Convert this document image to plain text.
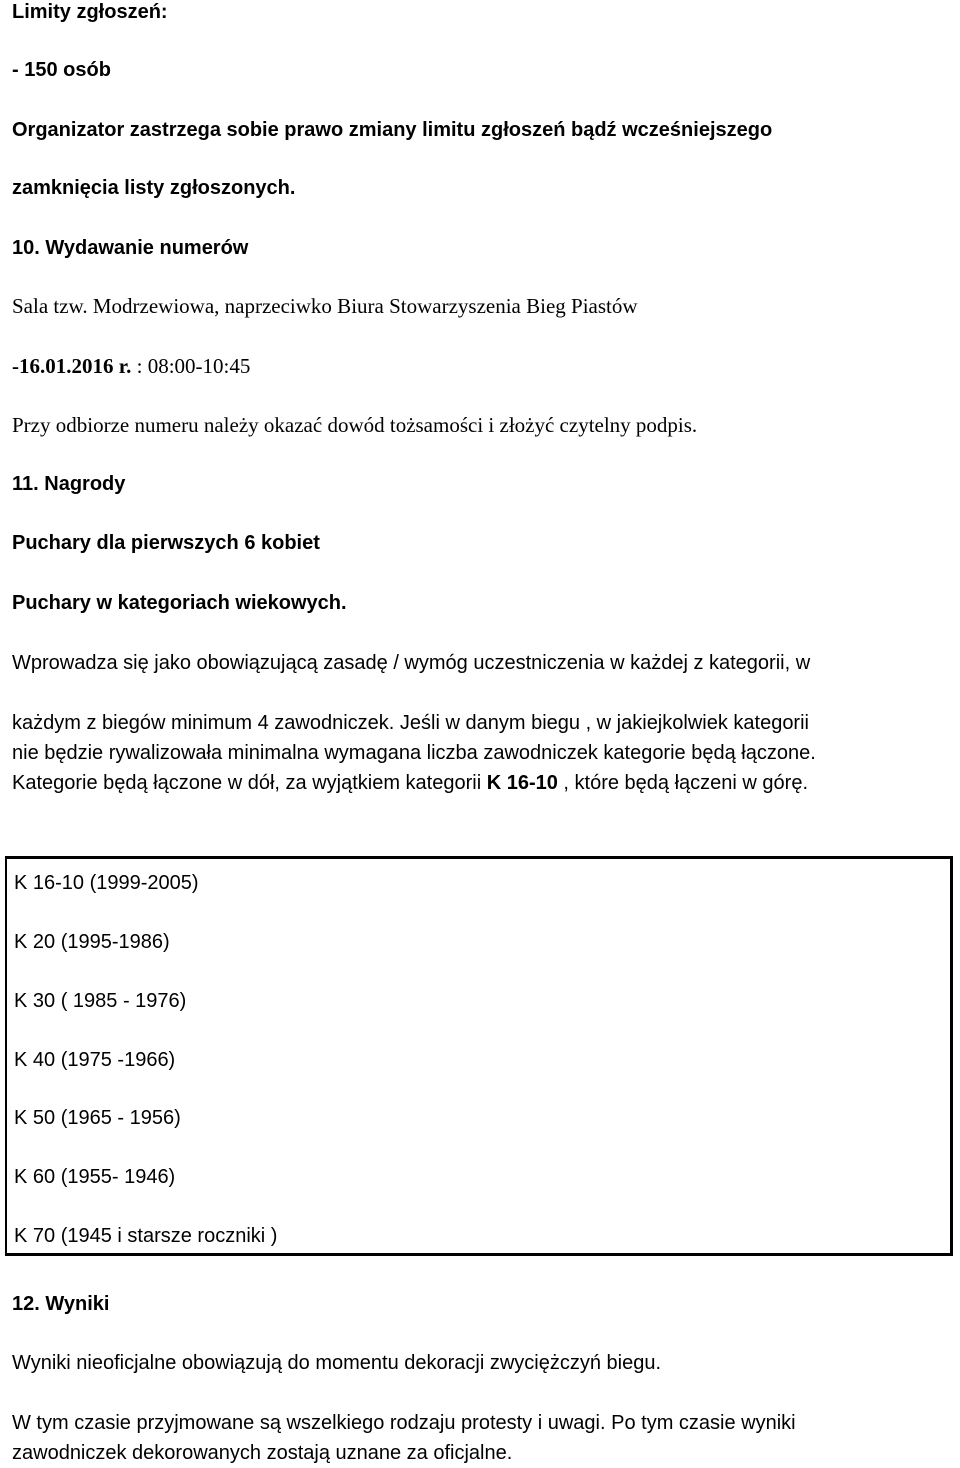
Limity zgłoszeń:

- 150 osób

Organizator zastrzega sobie prawo zmiany limitu zgłoszeń bądź wcześniejszego

zamknięcia listy zgłoszonych.

10. Wydawanie numerów

Sala tzw. Modrzewiowa, naprzeciwko Biura Stowarzyszenia Bieg Piastów

-16.01.2016 r. : 08:00-10:45

Przy odbiorze numeru należy okazać dowód tożsamości i złożyć czytelny podpis.

11. Nagrody

Puchary dla pierwszych 6 kobiet

Puchary w kategoriach wiekowych.

Wprowadza się jako obowiązującą zasadę / wymóg uczestniczenia w każdej z kategorii, w

każdym z biegów minimum 4 zawodniczek. Jeśli w danym biegu , w jakiejkolwiek kategorii

nie będzie rywalizowała minimalna wymagana liczba zawodniczek kategorie będą łączone.

Kategorie będą łączone w dół, za wyjątkiem kategorii K 16-10 , które będą łączeni w górę.

K 16-10 (1999-2005)

K 20 (1995-1986)

K 30 ( 1985 - 1976)

K 40 (1975 -1966)

K 50 (1965 - 1956)

K 60 (1955- 1946)

K 70 (1945 i starsze roczniki )

12. Wyniki

Wyniki nieoficjalne obowiązują do momentu dekoracji zwyciężczyń biegu.

W tym czasie przyjmowane są wszelkiego rodzaju protesty i uwagi. Po tym czasie wyniki

zawodniczek dekorowanych zostają uznane za oficjalne.
